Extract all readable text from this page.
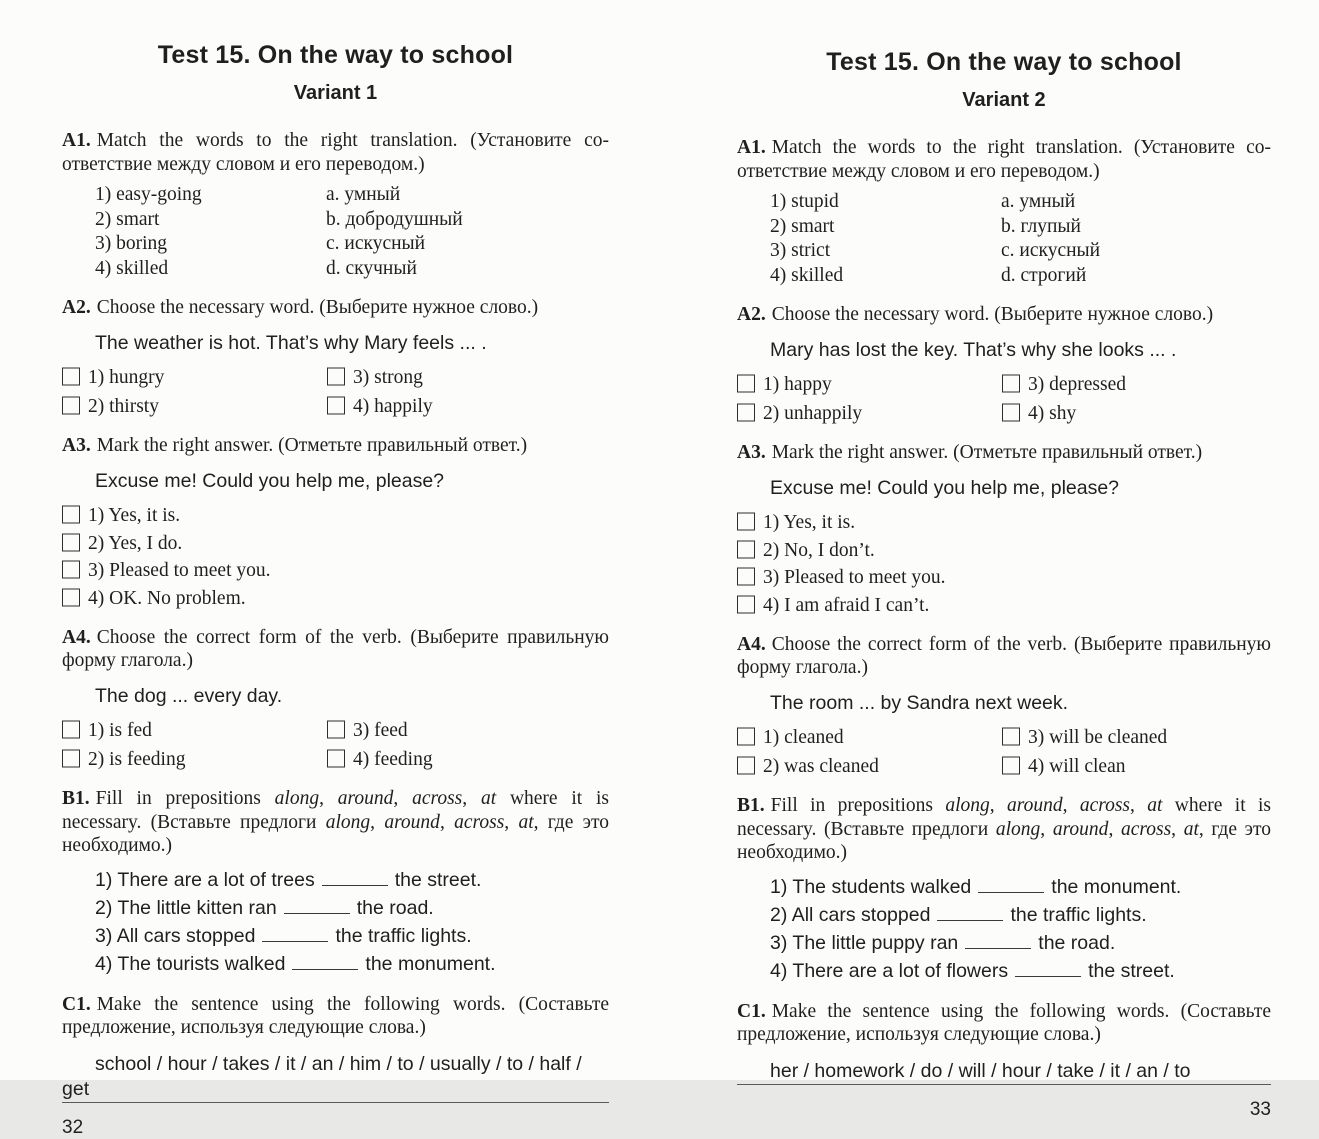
Test 15. On the way to school
Variant 1

A1. Match the words to the right translation. (Установите соответствие между словом и его переводом.)

1) easy-going	a. умный
2) smart	b. добродушный
3) boring	c. искусный
4) skilled	d. скучный

A2. Choose the necessary word. (Выберите нужное слово.)

The weather is hot. That’s why Mary feels ... .

1) hungry
2) thirsty
3) strong
4) happily

A3. Mark the right answer. (Отметьте правильный ответ.)

Excuse me! Could you help me, please?

1) Yes, it is.
2) Yes, I do.
3) Pleased to meet you.
4) OK. No problem.

A4. Choose the correct form of the verb. (Выберите правильную форму глагола.)

The dog ... every day.

1) is fed
2) is feeding
3) feed
4) feeding

B1. Fill in prepositions along, around, across, at where it is necessary. (Вставьте предлоги along, around, across, at, где это необходимо.)

1) There are a lot of trees	the street.
2) The little kitten ran	the road.
3) All cars stopped	the traffic lights.
4) The tourists walked	the monument.

C1. Make the sentence using the following words. (Составьте предложение, используя следующие слова.)

school / hour / takes / it / an / him / to / usually / to / half / get

32
Test 15. On the way to school
Variant 2

A1. Match the words to the right translation. (Установите соответствие между словом и его переводом.)

1) stupid	a. умный
2) smart	b. глупый
3) strict	c. искусный
4) skilled	d. строгий

A2. Choose the necessary word. (Выберите нужное слово.)

Mary has lost the key. That’s why she looks ... .

1) happy
2) unhappily
3) depressed
4) shy

A3. Mark the right answer. (Отметьте правильный ответ.)

Excuse me! Could you help me, please?

1) Yes, it is.
2) No, I don’t.
3) Pleased to meet you.
4) I am afraid I can’t.

A4. Choose the correct form of the verb. (Выберите правильную форму глагола.)

The room ... by Sandra next week.

1) cleaned
2) was cleaned
3) will be cleaned
4) will clean

B1. Fill in prepositions along, around, across, at where it is necessary. (Вставьте предлоги along, around, across, at, где это необходимо.)

1) The students walked	the monument.
2) All cars stopped	the traffic lights.
3) The little puppy ran	the road.
4) There are a lot of flowers	the street.

C1. Make the sentence using the following words. (Составьте предложение, используя следующие слова.)

her / homework / do / will / hour / take / it / an / to

33
